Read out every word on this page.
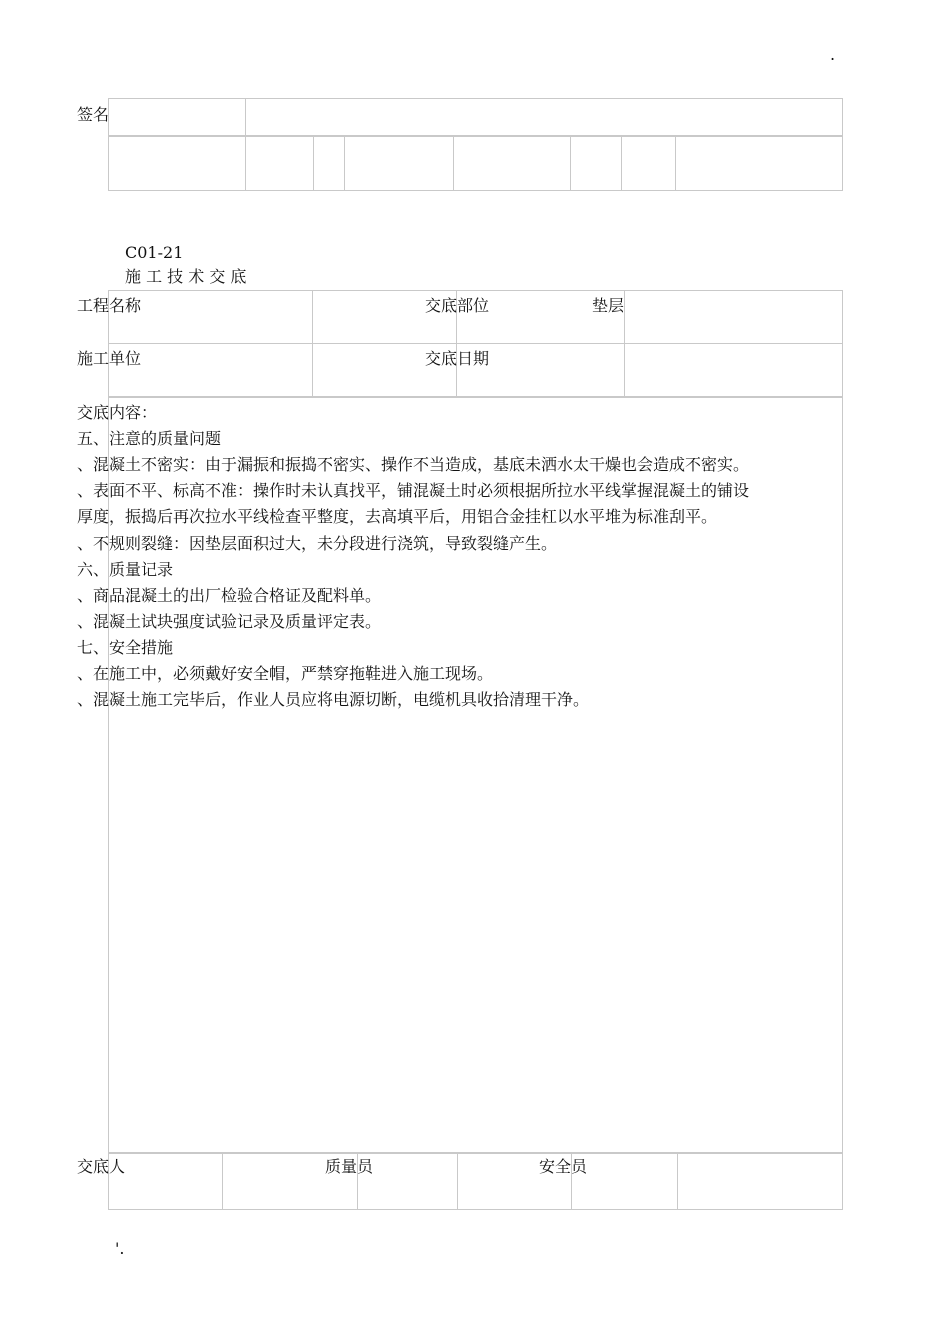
.
签名
C01-21
施 工 技 术 交 底
工程名称	交底部位	垫层
施工单位	交底日期
交底内容：
五、注意的质量问题
、混凝土不密实：由于漏振和振捣不密实、操作不当造成，基底未洒水太干燥也会造成不密实。
、表面不平、标高不准：操作时未认真找平，铺混凝土时必须根据所拉水平线掌握混凝土的铺设
厚度，振捣后再次拉水平线检查平整度，去高填平后，用铝合金挂杠以水平堆为标准刮平。
、不规则裂缝：因垫层面积过大，未分段进行浇筑，导致裂缝产生。
六、质量记录
、商品混凝土的出厂检验合格证及配料单。
、混凝土试块强度试验记录及质量评定表。
七、安全措施
、在施工中，必须戴好安全帽，严禁穿拖鞋进入施工现场。
、混凝土施工完毕后，作业人员应将电源切断，电缆机具收拾清理干净。
交底人	质量员	安全员
'.
